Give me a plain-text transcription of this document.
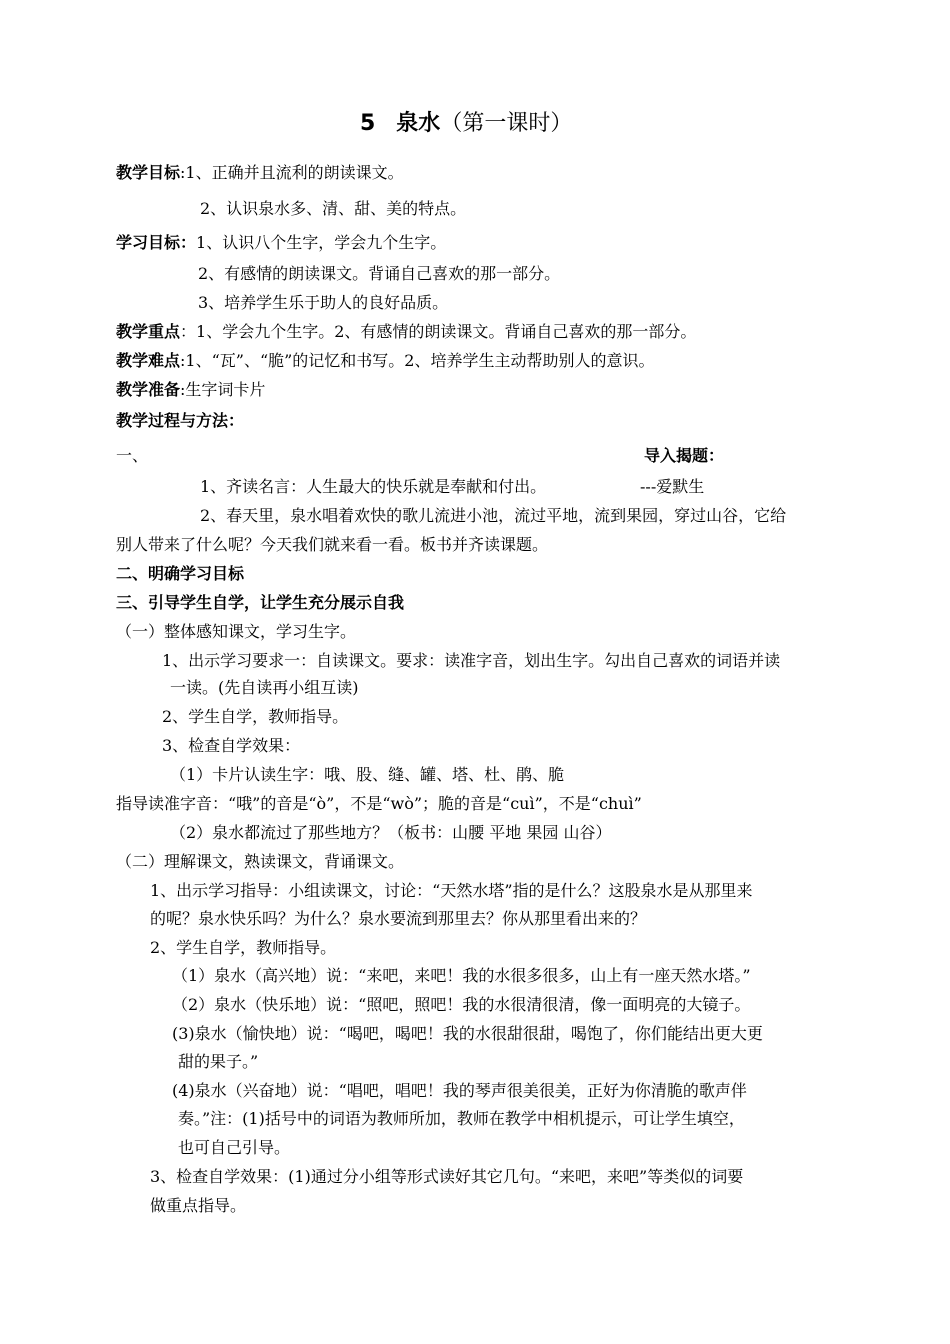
5 泉水（第一课时）
教学目标:1、正确并且流利的朗读课文。
2、认识泉水多、清、甜、美的特点。
学习目标：1、认识八个生字，学会九个生字。
2、有感情的朗读课文。背诵自己喜欢的那一部分。
3、培养学生乐于助人的良好品质。
教学重点：1、学会九个生字。2、有感情的朗读课文。背诵自己喜欢的那一部分。
教学难点:1、“瓦”、“脆”的记忆和书写。2、培养学生主动帮助别人的意识。
教学准备:生字词卡片
教学过程与方法：
一、	导入揭题：
1、齐读名言：人生最大的快乐就是奉献和付出。	---爱默生
2、春天里，泉水唱着欢快的歌儿流进小池，流过平地，流到果园，穿过山谷，它给
别人带来了什么呢？今天我们就来看一看。板书并齐读课题。
二、明确学习目标
三、引导学生自学，让学生充分展示自我
（一）整体感知课文，学习生字。
1、出示学习要求一：自读课文。要求：读准字音，划出生字。勾出自己喜欢的词语并读
一读。(先自读再小组互读)
2、学生自学，教师指导。
3、检查自学效果：
（1）卡片认读生字：哦、股、缝、罐、塔、杜、鹃、脆
指导读准字音：“哦”的音是“ò”，不是“wò”；脆的音是“cuì”，不是“chuì”
（2）泉水都流过了那些地方？（板书：山腰 平地 果园 山谷）
（二）理解课文，熟读课文，背诵课文。
1、出示学习指导：小组读课文，讨论：“天然水塔”指的是什么？这股泉水是从那里来
的呢？泉水快乐吗？为什么？泉水要流到那里去？你从那里看出来的？
2、学生自学，教师指导。
（1）泉水（高兴地）说：“来吧，来吧！我的水很多很多，山上有一座天然水塔。”
（2）泉水（快乐地）说：“照吧，照吧！我的水很清很清，像一面明亮的大镜子。
(3)泉水（愉快地）说：“喝吧，喝吧！我的水很甜很甜，喝饱了，你们能结出更大更
甜的果子。”
(4)泉水（兴奋地）说：“唱吧，唱吧！我的琴声很美很美，正好为你清脆的歌声伴
奏。”注：(1)括号中的词语为教师所加，教师在教学中相机提示，可让学生填空，
也可自己引导。
3、检查自学效果：(1)通过分小组等形式读好其它几句。“来吧，来吧”等类似的词要
做重点指导。
